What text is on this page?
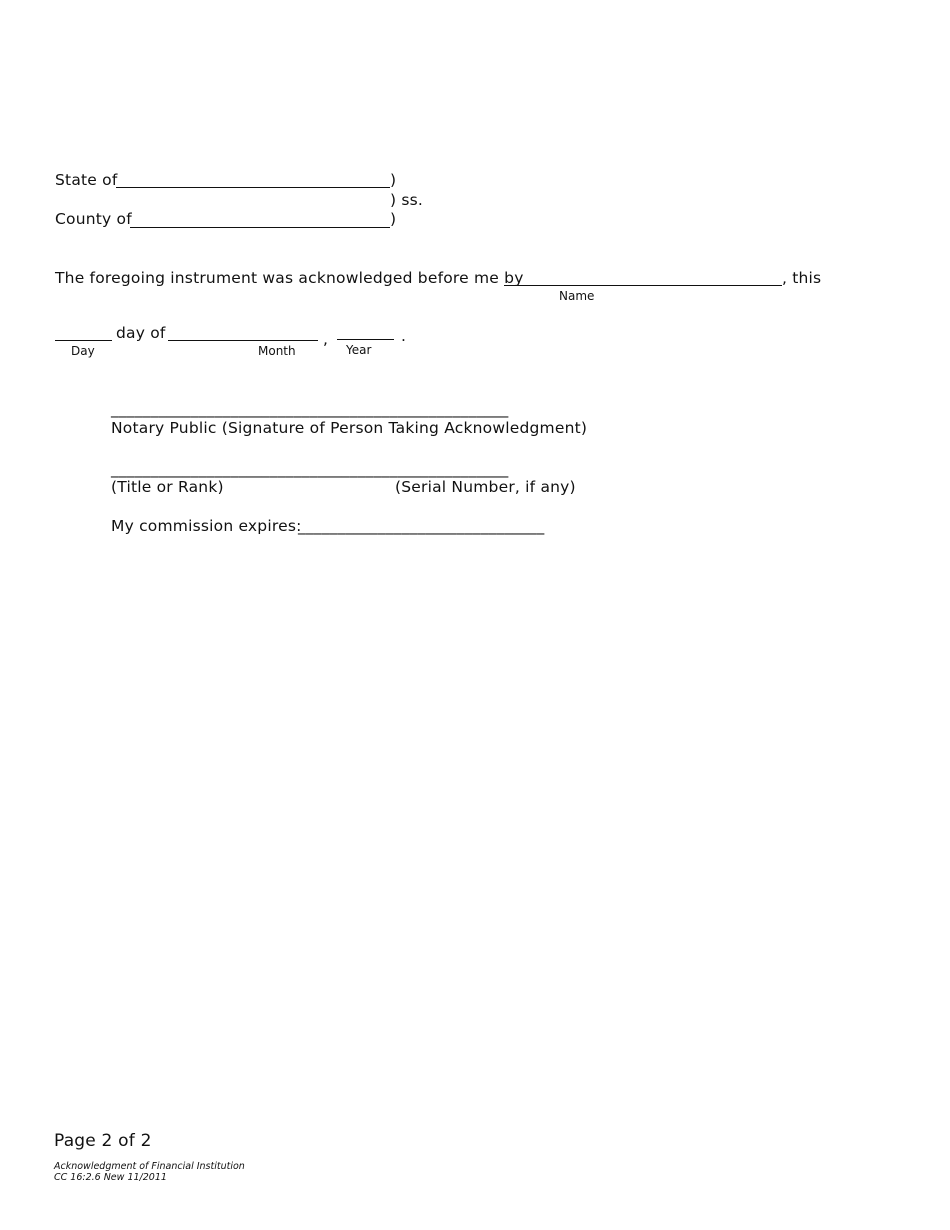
State of	)
) ss.
County of	)
The foregoing instrument was acknowledged before me by	, this
Name
day of	,	.
Day	Month	Year
__________________________________________________
Notary Public (Signature of Person Taking Acknowledgment)
__________________________________________________
(Title or Rank)	(Serial Number, if any)
My commission expires:
_______________________________
Page 2 of 2
Acknowledgment of Financial Institution
CC 16:2.6 New 11/2011
